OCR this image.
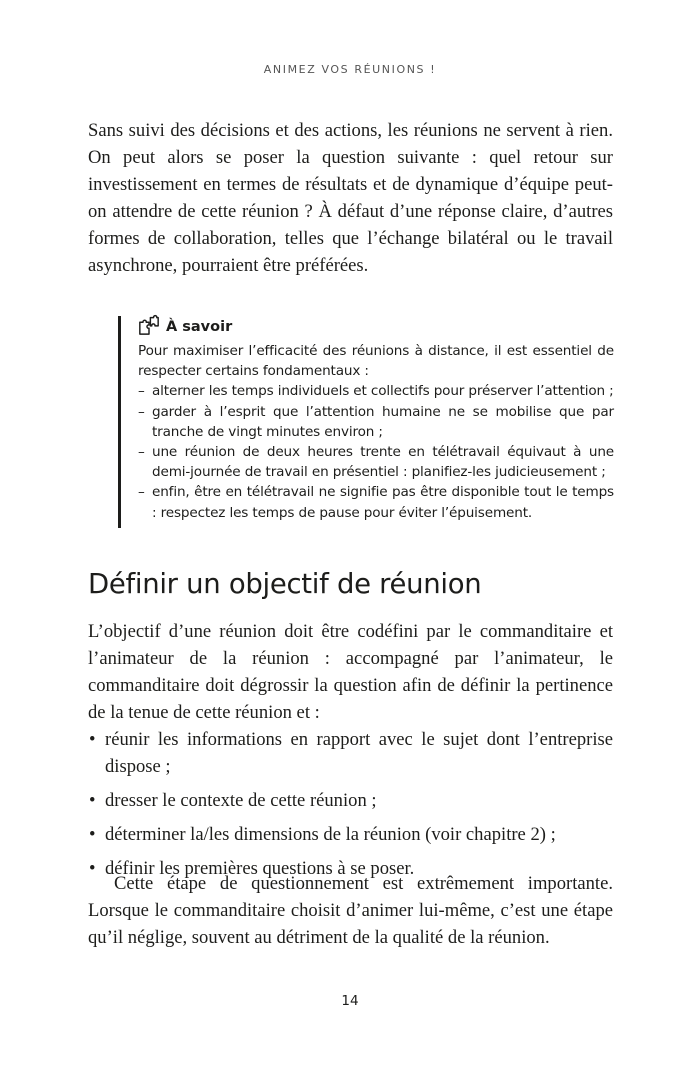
ANIMEZ VOS RÉUNIONS !

Sans suivi des décisions et des actions, les réunions ne servent à rien. On peut alors se poser la question suivante : quel retour sur investissement en termes de résultats et de dynamique d’équipe peut-on attendre de cette réunion ? À défaut d’une réponse claire, d’autres formes de collaboration, telles que l’échange bilatéral ou le travail asynchrone, pourraient être préférées.

À savoir

Pour maximiser l’efficacité des réunions à distance, il est essentiel de respecter certains fondamentaux :

– alterner les temps individuels et collectifs pour préserver l’attention ;
– garder à l’esprit que l’attention humaine ne se mobilise que par tranche de vingt minutes environ ;
– une réunion de deux heures trente en télétravail équivaut à une demi-journée de travail en présentiel : planifiez-les judicieusement ;
– enfin, être en télétravail ne signifie pas être disponible tout le temps : respectez les temps de pause pour éviter l’épuisement.
Définir un objectif de réunion

L’objectif d’une réunion doit être codéfini par le commanditaire et l’animateur de la réunion : accompagné par l’animateur, le commanditaire doit dégrossir la question afin de définir la pertinence de la tenue de cette réunion et :

• réunir les informations en rapport avec le sujet dont l’entreprise dispose ;
• dresser le contexte de cette réunion ;
• déterminer la/les dimensions de la réunion (voir chapitre 2) ;
• définir les premières questions à se poser.

Cette étape de questionnement est extrêmement importante. Lorsque le commanditaire choisit d’animer lui-même, c’est une étape qu’il néglige, souvent au détriment de la qualité de la réunion.

14
